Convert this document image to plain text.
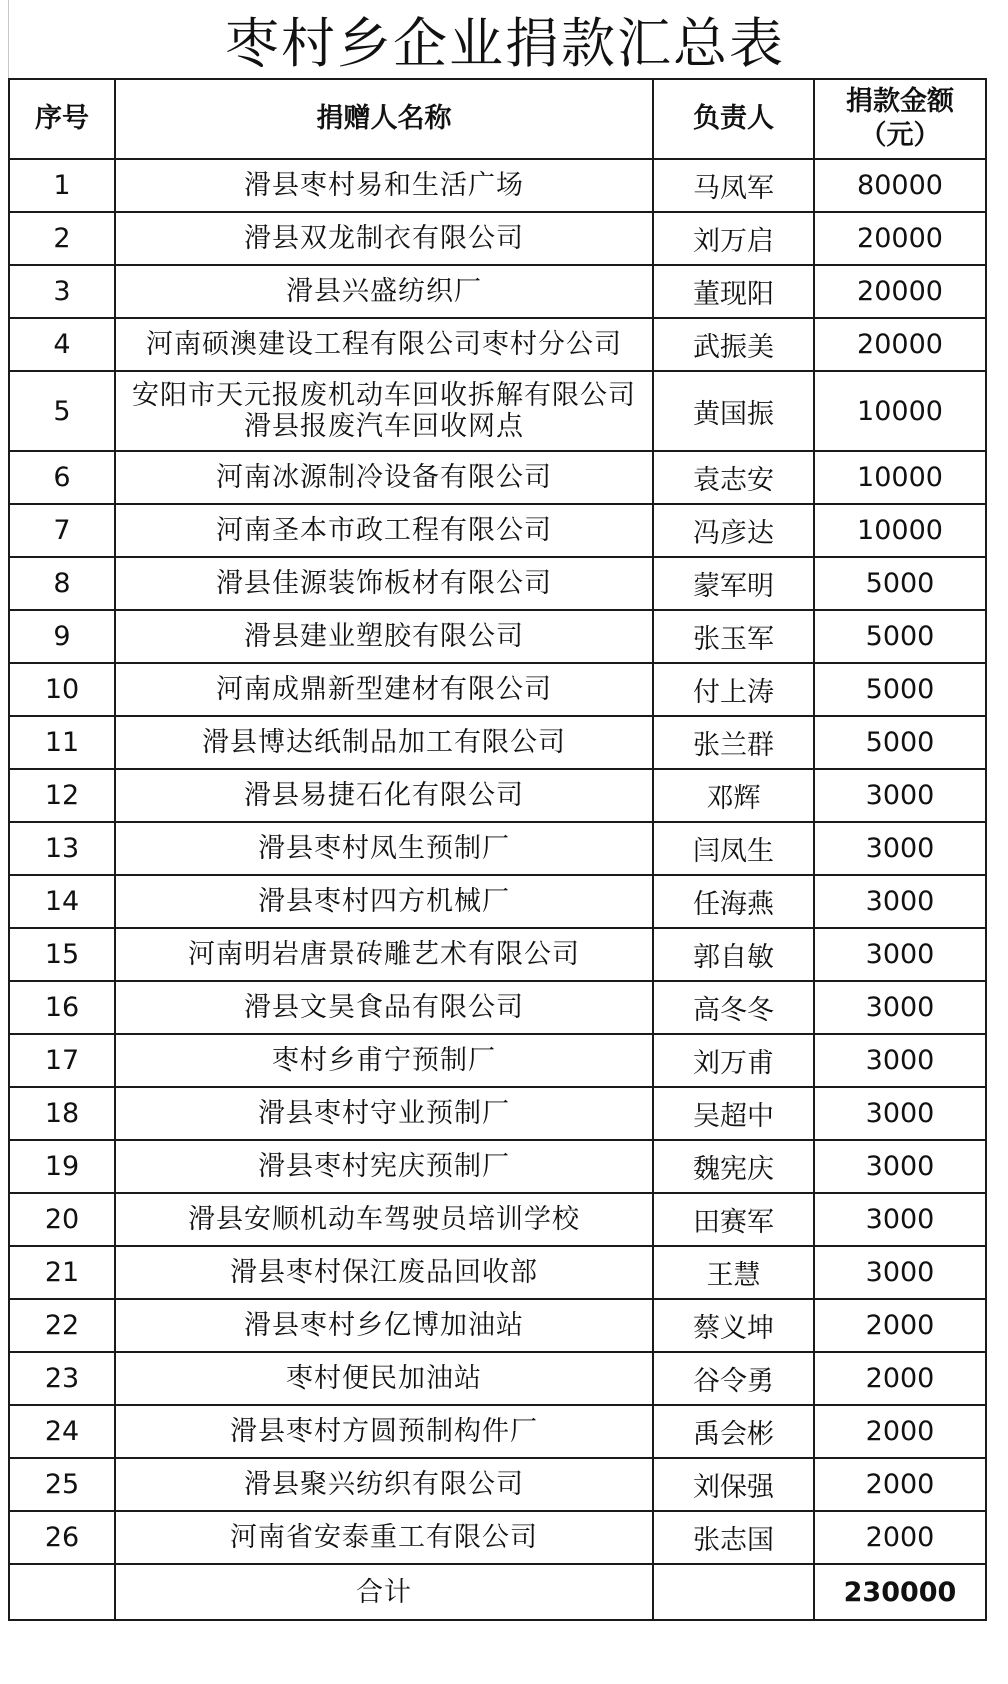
枣村乡企业捐款汇总表
序号	捐赠人名称	负责人	捐款金额
（元）	

1	滑县枣村易和生活广场	马凤军	80000	
2	滑县双龙制衣有限公司	刘万启	20000	
3	滑县兴盛纺织厂	董现阳	20000	
4	河南硕澳建设工程有限公司枣村分公司	武振美	20000	
5	安阳市天元报废机动车回收拆解有限公司
滑县报废汽车回收网点	黄国振	10000	
6	河南冰源制冷设备有限公司	袁志安	10000	
7	河南圣本市政工程有限公司	冯彦达	10000	
8	滑县佳源装饰板材有限公司	蒙军明	5000	
9	滑县建业塑胶有限公司	张玉军	5000	
10	河南成鼎新型建材有限公司	付上涛	5000	
11	滑县博达纸制品加工有限公司	张兰群	5000	
12	滑县易捷石化有限公司	邓辉	3000	
13	滑县枣村凤生预制厂	闫凤生	3000	
14	滑县枣村四方机械厂	任海燕	3000	
15	河南明岩唐景砖雕艺术有限公司	郭自敏	3000	
16	滑县文昊食品有限公司	高冬冬	3000	
17	枣村乡甫宁预制厂	刘万甫	3000	
18	滑县枣村守业预制厂	吴超中	3000	
19	滑县枣村宪庆预制厂	魏宪庆	3000	
20	滑县安顺机动车驾驶员培训学校	田赛军	3000	
21	滑县枣村保江废品回收部	王慧	3000	
22	滑县枣村乡亿博加油站	蔡义坤	2000	
23	枣村便民加油站	谷令勇	2000	
24	滑县枣村方圆预制构件厂	禹会彬	2000	
25	滑县聚兴纺织有限公司	刘保强	2000	
26	河南省安泰重工有限公司	张志国	2000	
	合计		230000	
